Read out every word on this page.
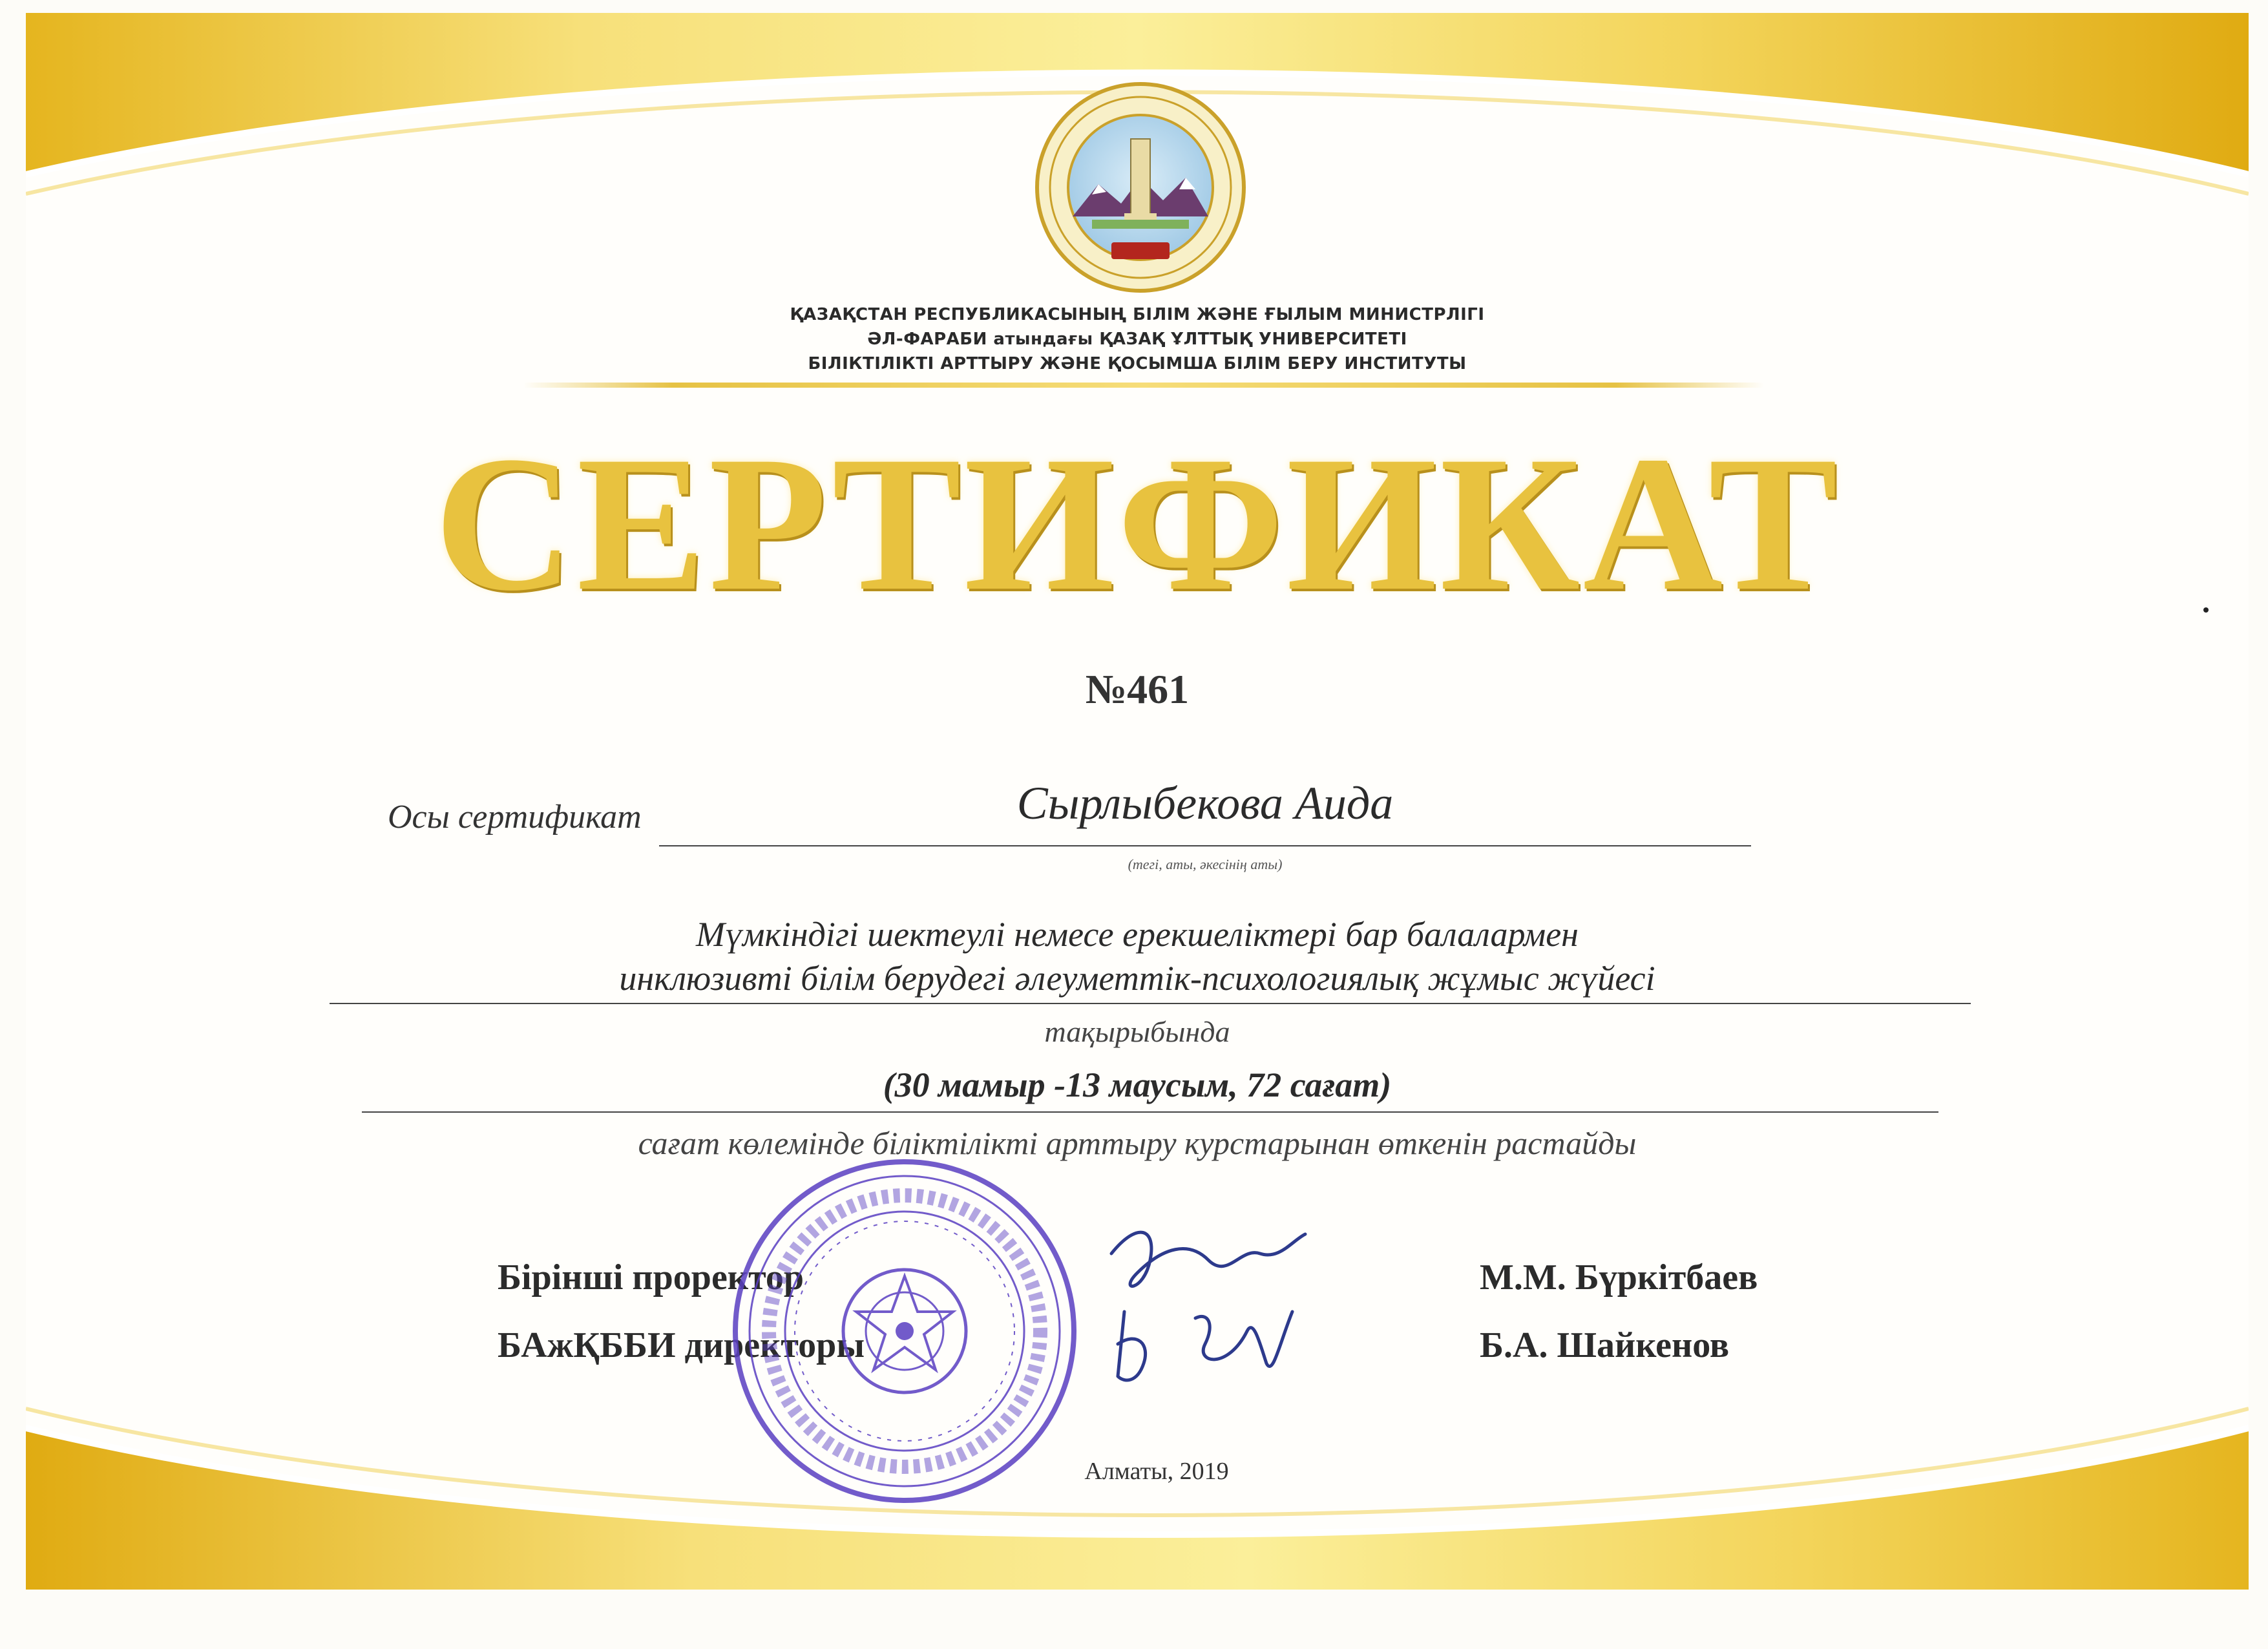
ҚАЗАҚСТАН РЕСПУБЛИКАСЫНЫҢ БІЛІМ ЖӘНЕ ҒЫЛЫМ МИНИСТРЛІГІ
ӘЛ-ФАРАБИ атындағы ҚАЗАҚ ҰЛТТЫҚ УНИВЕРСИТЕТІ
БІЛІКТІЛІКТІ АРТТЫРУ ЖӘНЕ ҚОСЫМША БІЛІМ БЕРУ ИНСТИТУТЫ
СЕРТИФИКАТ
№461
Осы сертификат	Сырлыбекова Аида
(тегі, аты, әкесінің аты)
Мүмкіндігі шектеулі немесе ерекшеліктері бар балалармен
инклюзивті білім берудегі әлеуметтік-психологиялық жұмыс жүйесі
тақырыбында
(30 мамыр -13 маусым, 72 сағат)
сағат көлемінде біліктілікті арттыру курстарынан өткенін растайды
Бірінші проректор
БАжҚББИ директоры
М.М. Бүркітбаев
Б.А. Шайкенов
Алматы, 2019
